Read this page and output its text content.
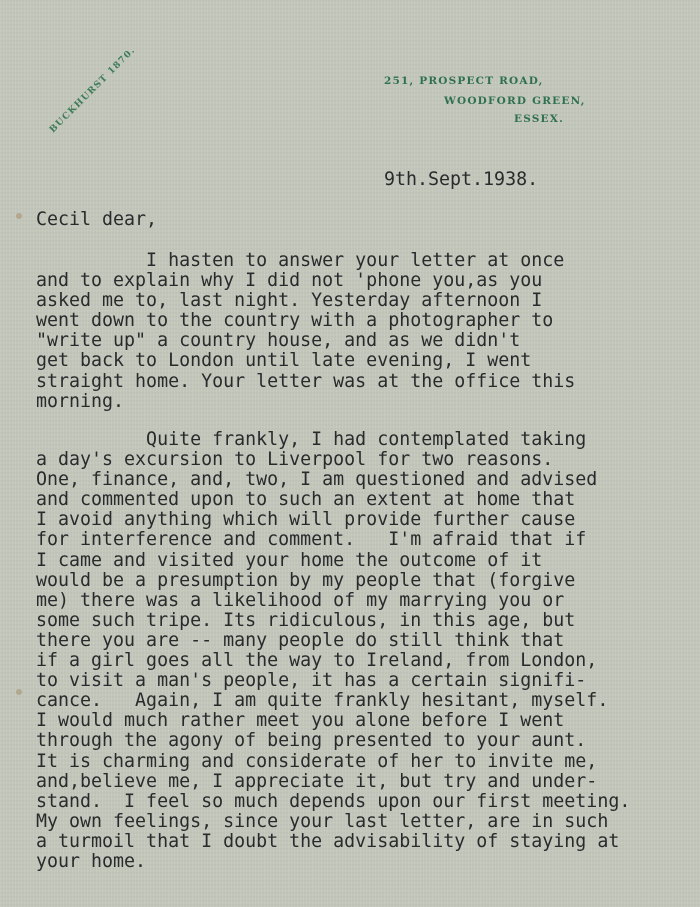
BUCKHURST 1870.	251, PROSPECT ROAD,
WOODFORD GREEN,
ESSEX.
9th.Sept.1938.
Cecil dear,
I hasten to answer your letter at once
and to explain why I did not 'phone you,as you
asked me to, last night. Yesterday afternoon I
went down to the country with a photographer to
"write up" a country house, and as we didn't
get back to London until late evening, I went
straight home. Your letter was at the office this
morning.
Quite frankly, I had contemplated taking
a day's excursion to Liverpool for two reasons.
One, finance, and, two, I am questioned and advised
and commented upon to such an extent at home that
I avoid anything which will provide further cause
for interference and comment.   I'm afraid that if
I came and visited your home the outcome of it
would be a presumption by my people that (forgive
me) there was a likelihood of my marrying you or
some such tripe. Its ridiculous, in this age, but
there you are -- many people do still think that
if a girl goes all the way to Ireland, from London,
to visit a man's people, it has a certain signifi-
cance.   Again, I am quite frankly hesitant, myself.
I would much rather meet you alone before I went
through the agony of being presented to your aunt.
It is charming and considerate of her to invite me,
and,believe me, I appreciate it, but try and under-
stand.  I feel so much depends upon our first meeting.
My own feelings, since your last letter, are in such
a turmoil that I doubt the advisability of staying at
your home.
